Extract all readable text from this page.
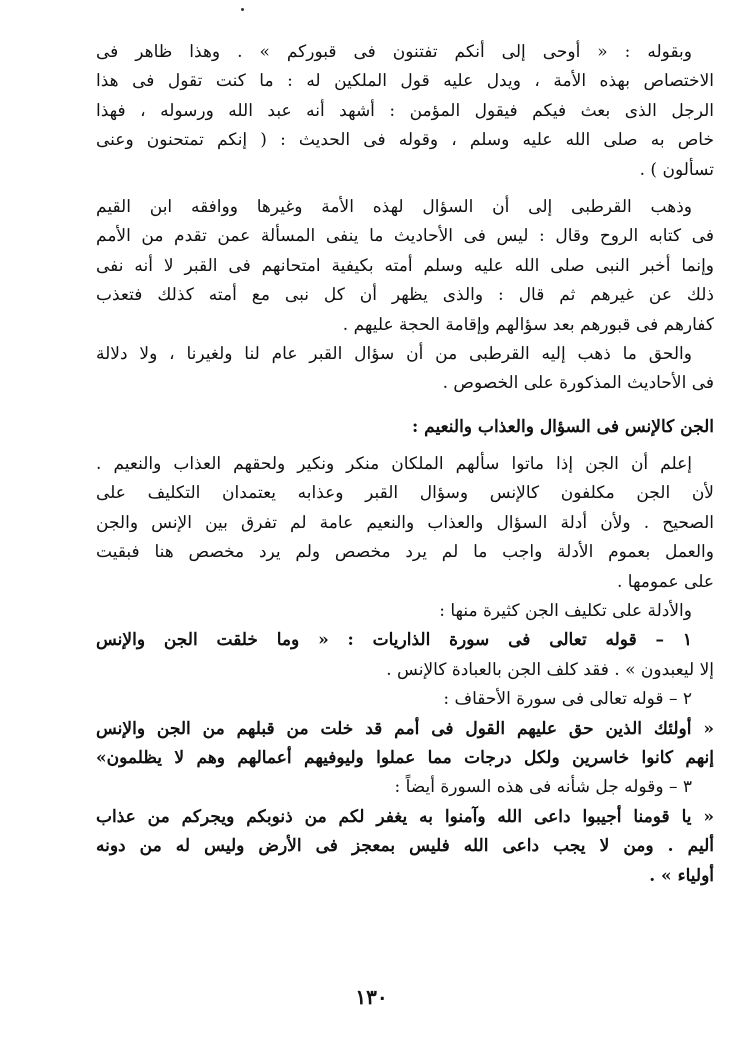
وبقوله : « أوحى إلى أنكم تفتنون فى قبوركم » . وهذا ظاهر فى
الاختصاص بهذه الأمة ، ويدل عليه قول الملكين له : ما كنت تقول فى هذا
الرجل الذى بعث فيكم فيقول المؤمن : أشهد أنه عبد الله ورسوله ، فهذا
خاص به صلى الله عليه وسلم ، وقوله فى الحديث : ( إنكم تمتحنون وعنى
تسألون ) .
وذهب القرطبى إلى أن السؤال لهذه الأمة وغيرها ووافقه ابن القيم
فى كتابه الروح وقال : ليس فى الأحاديث ما ينفى المسألة عمن تقدم من الأمم
وإنما أخبر النبى صلى الله عليه وسلم أمته بكيفية امتحانهم فى القبر لا أنه نفى
ذلك عن غيرهم ثم قال : والذى يظهر أن كل نبى مع أمته كذلك فتعذب
كفارهم فى قبورهم بعد سؤالهم وإقامة الحجة عليهم .
والحق ما ذهب إليه القرطبى من أن سؤال القبر عام لنا ولغيرنا ، ولا دلالة
فى الأحاديث المذكورة على الخصوص .
الجن كالإنس فى السؤال والعذاب والنعيم :
إعلم أن الجن إذا ماتوا سألهم الملكان منكر ونكير ولحقهم العذاب والنعيم .
لأن الجن مكلفون كالإنس وسؤال القبر وعذابه يعتمدان التكليف على
الصحيح . ولأن أدلة السؤال والعذاب والنعيم عامة لم تفرق بين الإنس والجن
والعمل بعموم الأدلة واجب ما لم يرد مخصص ولم يرد مخصص هنا فبقيت
على عمومها .
والأدلة على تكليف الجن كثيرة منها :
١ – قوله تعالى فى سورة الذاريات : « وما خلقت الجن والإنس
إلا ليعبدون » . فقد كلف الجن بالعبادة كالإنس .
٢ – قوله تعالى فى سورة الأحقاف :
« أولئك الذين حق عليهم القول فى أمم قد خلت من قبلهم من الجن والإنس
إنهم كانوا خاسرين ولكل درجات مما عملوا وليوفيهم أعمالهم وهم لا يظلمون»
٣ – وقوله جل شأنه فى هذه السورة أيضاً :
« يا قومنا أجيبوا داعى الله وآمنوا به يغفر لكم من ذنوبكم ويجركم من عذاب
أليم . ومن لا يجب داعى الله فليس بمعجز فى الأرض وليس له من دونه
أولياء » .
١٣٠
